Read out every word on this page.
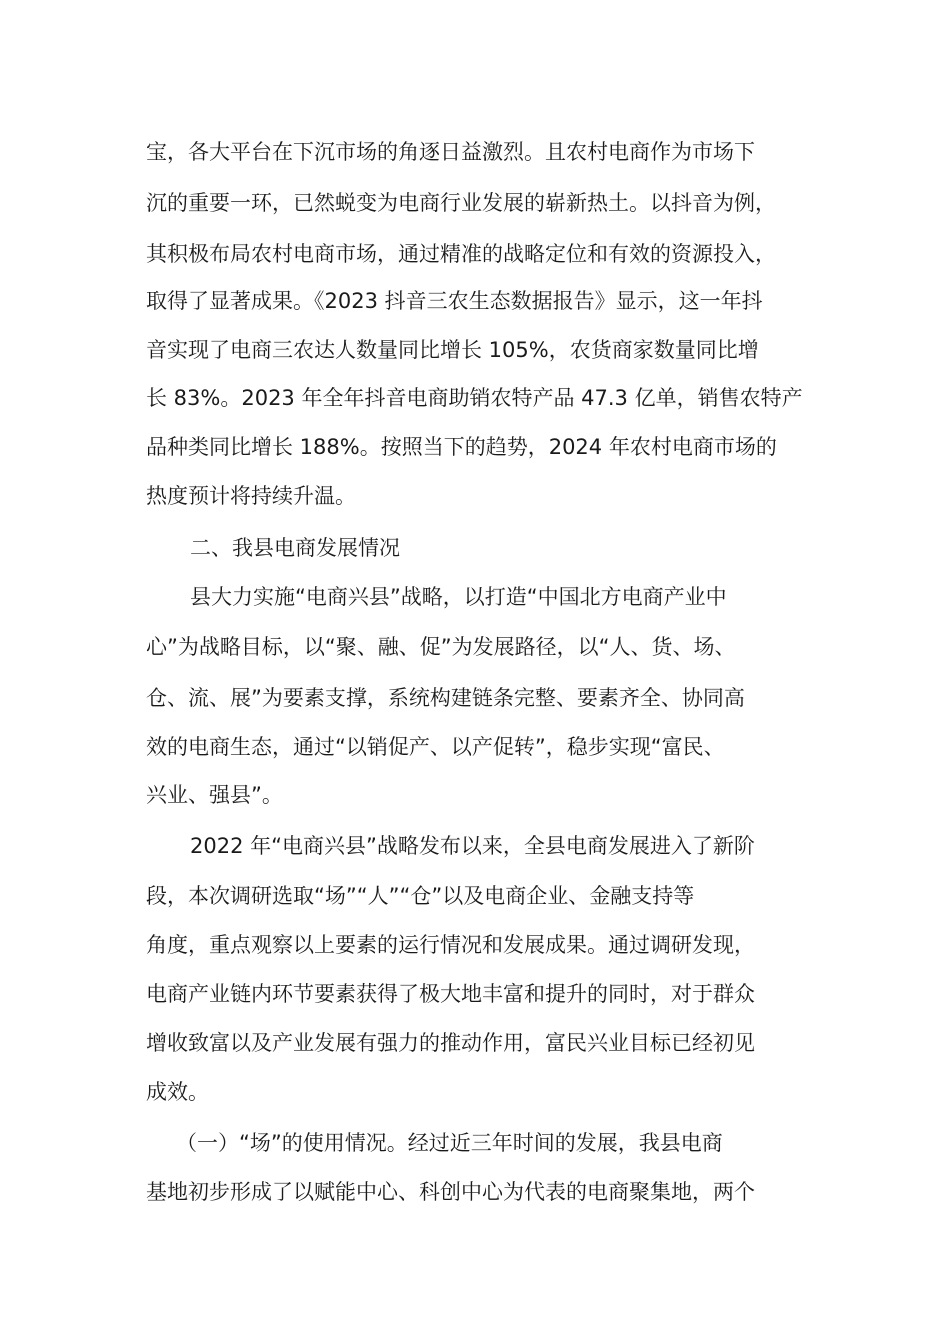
宝，各大平台在下沉市场的角逐日益激烈。且农村电商作为市场下
沉的重要一环，已然蜕变为电商行业发展的崭新热土。以抖音为例，
其积极布局农村电商市场，通过精准的战略定位和有效的资源投入，
取得了显著成果。《2023 抖音三农生态数据报告》显示，这一年抖
音实现了电商三农达人数量同比增长 105%，农货商家数量同比增
长 83%。2023 年全年抖音电商助销农特产品 47.3 亿单，销售农特产
品种类同比增长 188%。按照当下的趋势，2024 年农村电商市场的
热度预计将持续升温。
二、我县电商发展情况
县大力实施“电商兴县”战略，以打造“中国北方电商产业中
心”为战略目标，以“聚、融、促”为发展路径，以“人、货、场、
仓、流、展”为要素支撑，系统构建链条完整、要素齐全、协同高
效的电商生态，通过“以销促产、以产促转”，稳步实现“富民、
兴业、强县”。
2022 年“电商兴县”战略发布以来，全县电商发展进入了新阶
段，本次调研选取“场”“人”“仓”以及电商企业、金融支持等
角度，重点观察以上要素的运行情况和发展成果。通过调研发现，
电商产业链内环节要素获得了极大地丰富和提升的同时，对于群众
增收致富以及产业发展有强力的推动作用，富民兴业目标已经初见
成效。
（一）“场”的使用情况。经过近三年时间的发展，我县电商
基地初步形成了以赋能中心、科创中心为代表的电商聚集地，两个
